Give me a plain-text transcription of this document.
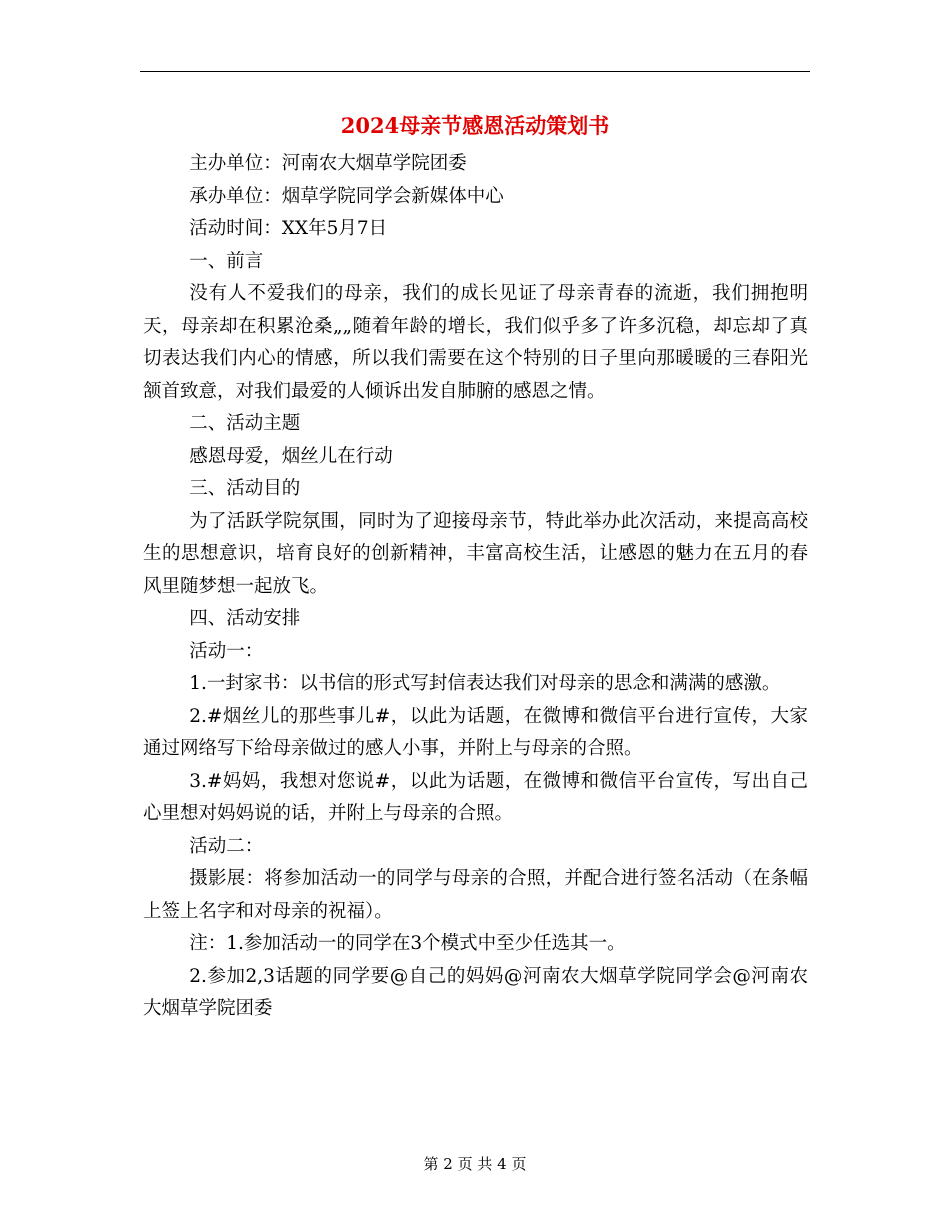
2024母亲节感恩活动策划书

主办单位：河南农大烟草学院团委

承办单位：烟草学院同学会新媒体中心

活动时间：XX年5月7日

一、前言

没有人不爱我们的母亲，我们的成长见证了母亲青春的流逝，我们拥抱明天，母亲却在积累沧桑„„随着年龄的增长，我们似乎多了许多沉稳，却忘却了真切表达我们内心的情感，所以我们需要在这个特别的日子里向那暖暖的三春阳光颔首致意，对我们最爱的人倾诉出发自肺腑的感恩之情。

二、活动主题

感恩母爱，烟丝儿在行动

三、活动目的

为了活跃学院氛围，同时为了迎接母亲节，特此举办此次活动，来提高高校生的思想意识，培育良好的创新精神，丰富高校生活，让感恩的魅力在五月的春风里随梦想一起放飞。

四、活动安排

活动一：

1.一封家书：以书信的形式写封信表达我们对母亲的思念和满满的感激。

2.#烟丝儿的那些事儿#，以此为话题，在微博和微信平台进行宣传，大家通过网络写下给母亲做过的感人小事，并附上与母亲的合照。

3.#妈妈，我想对您说#，以此为话题，在微博和微信平台宣传，写出自己心里想对妈妈说的话，并附上与母亲的合照。

活动二：

摄影展：将参加活动一的同学与母亲的合照，并配合进行签名活动（在条幅上签上名字和对母亲的祝福）。

注：1.参加活动一的同学在3个模式中至少任选其一。

2.参加2,3话题的同学要@自己的妈妈@河南农大烟草学院同学会@河南农大烟草学院团委

第 2 页 共 4 页
